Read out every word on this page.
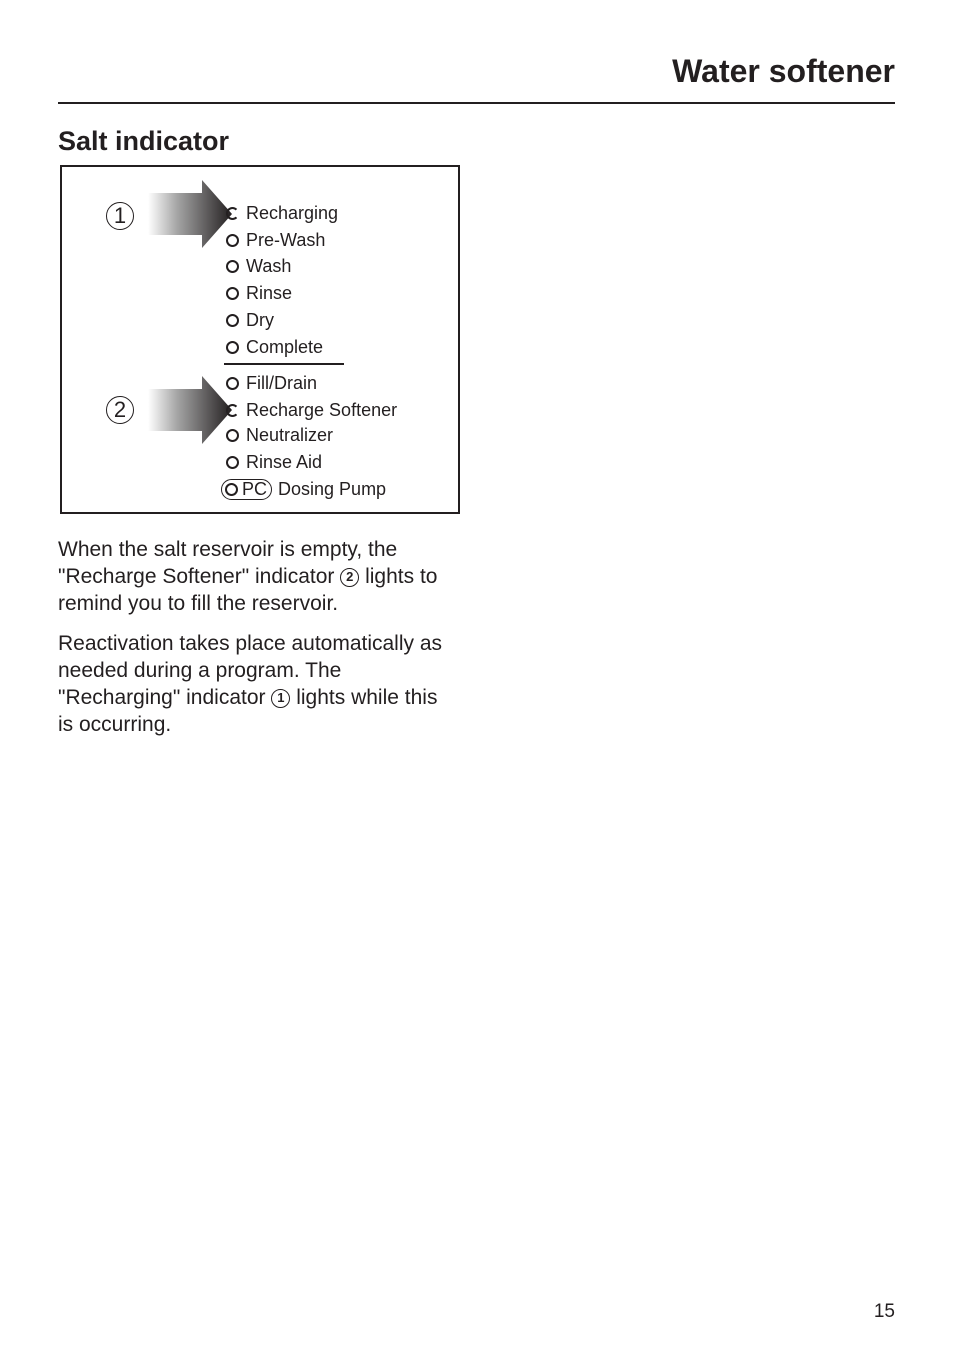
Water softener
Salt indicator
1
2
Recharging
Pre-Wash
Wash
Rinse
Dry
Complete
Fill/Drain
Recharge Softener
Neutralizer
Rinse Aid
PC Dosing Pump

When the salt reservoir is empty, the "Recharge Softener" indicator 2 lights to remind you to fill the reservoir.

Reactivation takes place automatically as needed during a program. The "Recharging" indicator 1 lights while this is occurring.

15
